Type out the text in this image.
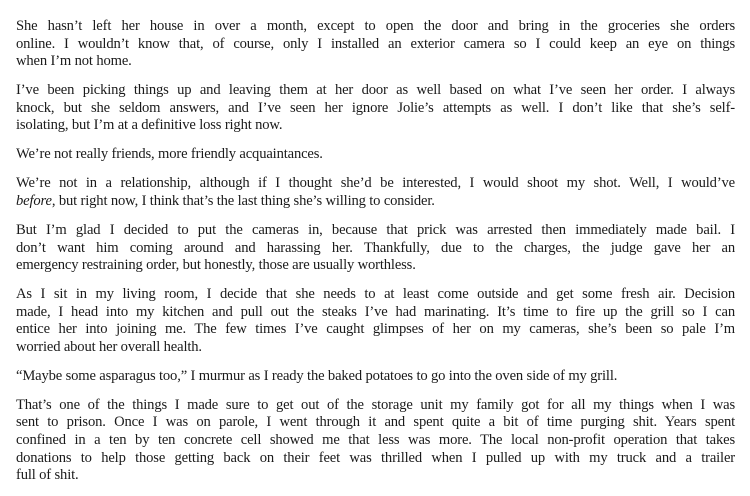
She hasn’t left her house in over a month, except to open the door and bring in the groceries she orders
online. I wouldn’t know that, of course, only I installed an exterior camera so I could keep an eye on things
when I’m not home.
I’ve been picking things up and leaving them at her door as well based on what I’ve seen her order. I always
knock, but she seldom answers, and I’ve seen her ignore Jolie’s attempts as well. I don’t like that she’s self-
isolating, but I’m at a definitive loss right now.
We’re not really friends, more friendly acquaintances.
We’re not in a relationship, although if I thought she’d be interested, I would shoot my shot. Well, I would’ve
before, but right now, I think that’s the last thing she’s willing to consider.
But I’m glad I decided to put the cameras in, because that prick was arrested then immediately made bail. I
don’t want him coming around and harassing her. Thankfully, due to the charges, the judge gave her an
emergency restraining order, but honestly, those are usually worthless.
As I sit in my living room, I decide that she needs to at least come outside and get some fresh air. Decision
made, I head into my kitchen and pull out the steaks I’ve had marinating. It’s time to fire up the grill so I can
entice her into joining me. The few times I’ve caught glimpses of her on my cameras, she’s been so pale I’m
worried about her overall health.
“Maybe some asparagus too,” I murmur as I ready the baked potatoes to go into the oven side of my grill.
That’s one of the things I made sure to get out of the storage unit my family got for all my things when I was
sent to prison. Once I was on parole, I went through it and spent quite a bit of time purging shit. Years spent
confined in a ten by ten concrete cell showed me that less was more. The local non-profit operation that takes
donations to help those getting back on their feet was thrilled when I pulled up with my truck and a trailer
full of shit.
